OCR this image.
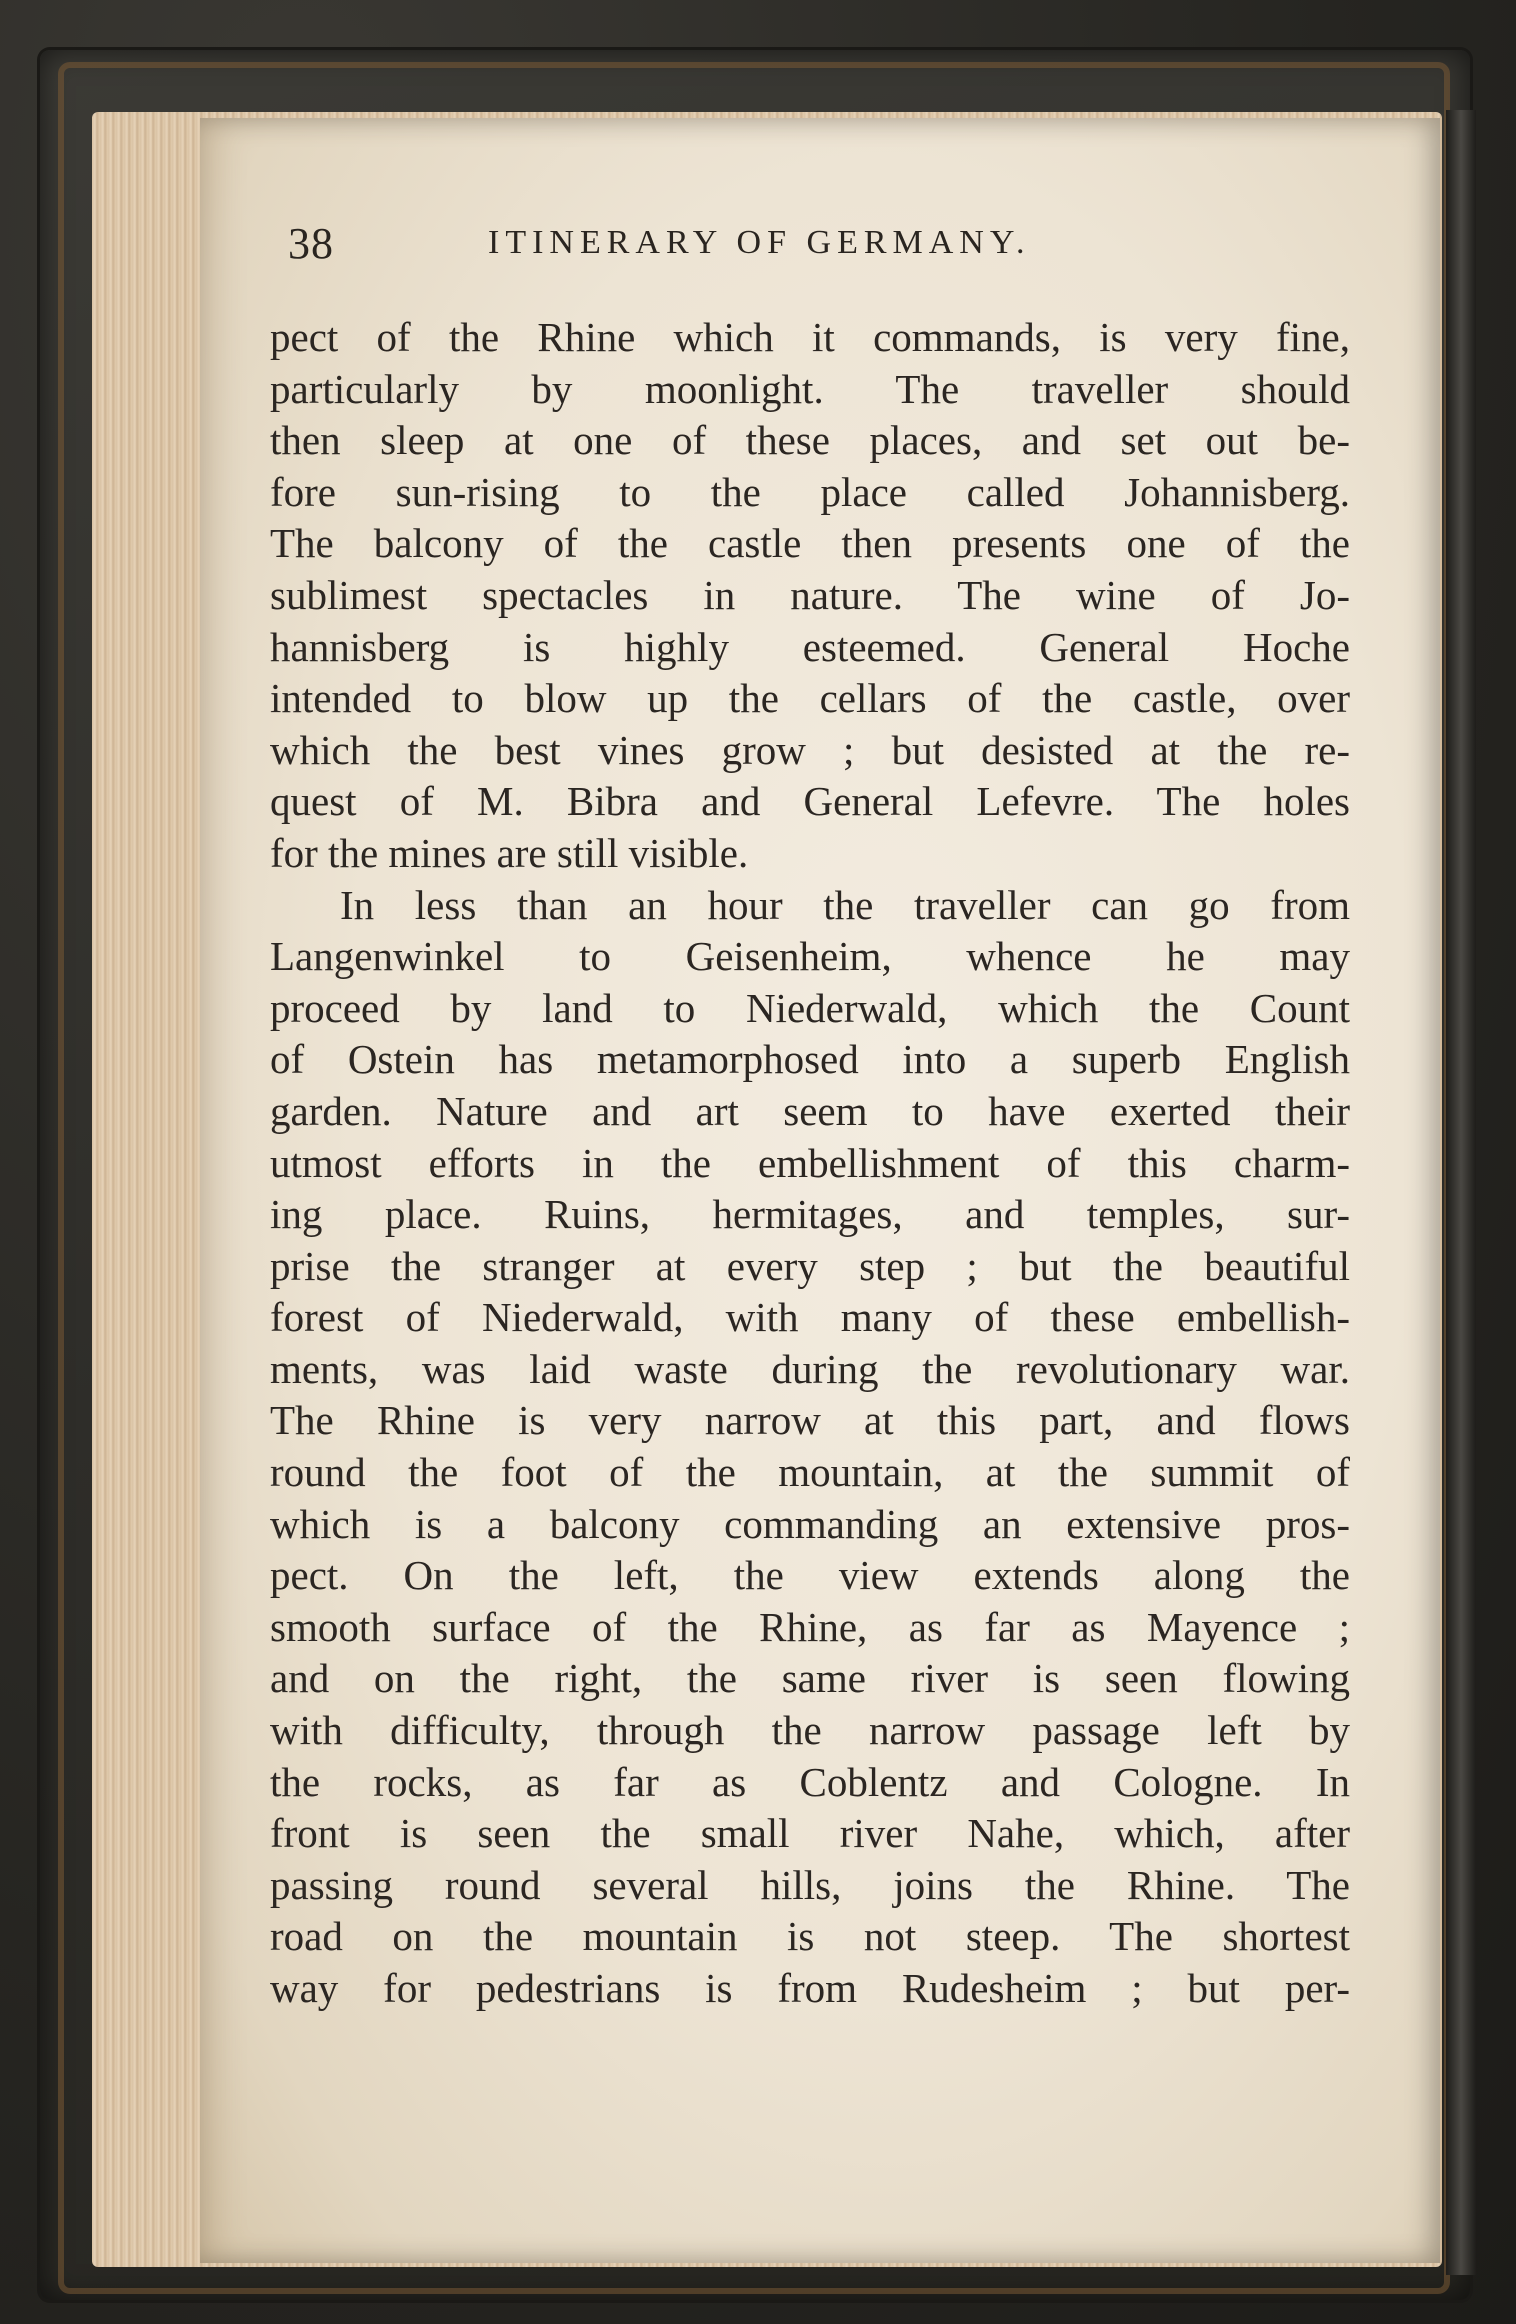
38	ITINERARY OF GERMANY.
pect of the Rhine which it commands, is very fine,
particularly by moonlight. The traveller should
then sleep at one of these places, and set out be-
fore sun-rising to the place called Johannisberg.
The balcony of the castle then presents one of the
sublimest spectacles in nature. The wine of Jo-
hannisberg is highly esteemed. General Hoche
intended to blow up the cellars of the castle, over
which the best vines grow ; but desisted at the re-
quest of M. Bibra and General Lefevre. The holes
for the mines are still visible.
In less than an hour the traveller can go from
Langenwinkel to Geisenheim, whence he may
proceed by land to Niederwald, which the Count
of Ostein has metamorphosed into a superb English
garden. Nature and art seem to have exerted their
utmost efforts in the embellishment of this charm-
ing place. Ruins, hermitages, and temples, sur-
prise the stranger at every step ; but the beautiful
forest of Niederwald, with many of these embellish-
ments, was laid waste during the revolutionary war.
The Rhine is very narrow at this part, and flows
round the foot of the mountain, at the summit of
which is a balcony commanding an extensive pros-
pect. On the left, the view extends along the
smooth surface of the Rhine, as far as Mayence ;
and on the right, the same river is seen flowing
with difficulty, through the narrow passage left by
the rocks, as far as Coblentz and Cologne. In
front is seen the small river Nahe, which, after
passing round several hills, joins the Rhine. The
road on the mountain is not steep. The shortest
way for pedestrians is from Rudesheim ; but per-
